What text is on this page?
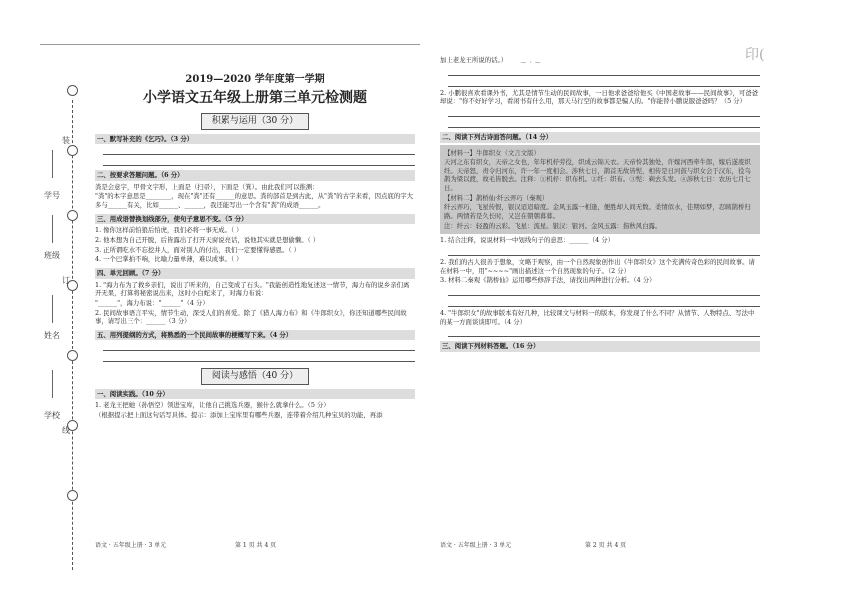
印(
~ · ~
学号
班级
姓名
学校
装
订
线
2019—2020 学年度第一学期
小学语文五年级上册第三单元检测题
积累与运用（30 分）
一、默写补充的《乞巧》。（3 分）
二、按要求答题问题。（6 分）
粪是会意字，甲骨文字形，上面是（扫帚），下面是（箕）。由此我们可以推测：
"粪"的本字意思是________，现在"粪"还有______的意思。粪的部首是到古此，从"粪"的古字来看，因点底的字大多与______有关，比如______、______，我还能写出一个含有"粪"的成语______。
三、用成语替换划线部分，使句子意思不变。（5 分）
1. 像你这样前怕狼后怕虎，我们必将一事无成。（ ）
2. 他本想为自己开脱，后皆露出了打开天窗说亮话，说他其实就是想偷懒。（ ）
3. 正所谓吃水不忘挖井人，面对别人的付出，我们一定要懂得感恩。（ ）
4. 一个巴掌拍不响，比喻力量单薄，难以成事。（ ）
四、单元回顾。（7 分）
1. "海力布为了救乡亲们，说出了听来的，自己变成了石头。"我能创造性地复述这一情节，海力布的说乡亲们离开无果，打算将秘密说出来，这时小白蛇来了，对海力布说：
"______"，海力布说："______"（4 分）
2. 民间故事语言平实，情节生动，深受人们的喜爱。除了《猎人海力布》和《牛郎织女》，你还知道哪些民间故事，请写出三个：______（3 分）
五、用列提纲的方式，将熟悉的一个民间故事的梗概写下来。（4 分）
阅读与感悟（40 分）
一、阅读实践。（10 分）
1. 老龙王把她（孙悟空）领进宝库，让他自己挑选兵器，猴什么就拿什么。（5 分）
（根据提示把上面这句话写具体。提示：添加上宝库里有哪些兵器，连带着介绍几种宝贝的功能，再添
加上老龙王所说的话。）
2. 小鹏很喜欢看课外书，尤其是情节生动的民间故事，一日他求爸爸给他买《中国老故事——民间故事》，可爸爸却说："你不好好学习，看闲书有什么用，那天马行空的故事都是骗人的。"你能替小鹏说服爸爸吗？（5 分）
二、阅读下列古诗面答问题。（14 分）
【材料一】牛郎织女（文言文版）
天河之东有织女，天帝之女也，年年机杼劳役，织成云锦天衣。天帝怜其独处，许嫁河西牵牛郎，嫁后遂废织纴。天帝怒，责令归河东，许一年一度相会。涉秋七日，鹊首无故皆髡，相传是日河鼓与织女会于汉东，役乌鹊为梁以渡，故毛皆脱去。注释：①机杼：织布机。②纴：织布。③髡：剃去头发。④涉秋七日：农历七月七日。
【材料二】鹊桥仙·纤云弄巧（秦观）
纤云弄巧，飞星传恨，银汉迢迢暗度。金风玉露一相逢，便胜却人间无数。柔情似水，佳期如梦，忍顾鹊桥归路。两情若是久长时，又岂在朝朝暮暮。
注：纤云：轻盈的云彩。飞星：流星。银汉：银河。金风玉露：指秋风白露。
1. 结合注释，说说材料一中划线句子的意思：______（4 分）
2. 我们的古人很善于想象，文略于观察，由一个自然现象创作出《牛郎织女》这个充满传奇色彩的民间故事。请在材料一中，用"~~~~"画出描述这一个自然现象的句子。（2 分）
3. 材料二秦观《鹊桥仙》运用哪些修辞手法，请找出两种进行分析。（4 分）
4. "牛郎织女"的故事版本有好几种，比较课文与材料一的版本，你发现了什么不同？从情节、人物特点、写法中的某一方面谈谈即可。（4 分）
三、阅读下列材料答题。（16 分）
语文 · 五年级上册 · 3 单元	第 1 页 共 4 页	语文 · 五年级上册 · 3 单元	第 2 页 共 4 页
